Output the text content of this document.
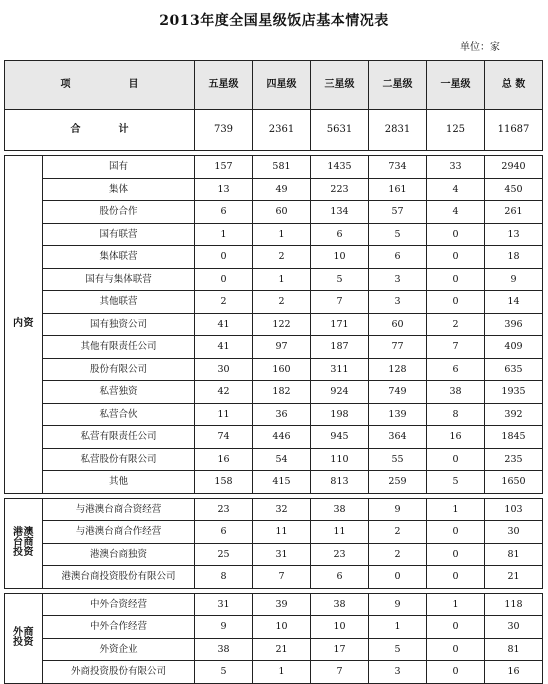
2013年度全国星级饭店基本情况表
单位：家
项　目		五星级	四星级	三星级	二星级	一星级	总 数
合　计		739	2361	5631	2831	125	11687

内资	国有	157	581	1435	734	33	2940
	集体	13	49	223	161	4	450
	股份合作	6	60	134	57	4	261
	国有联营	1	1	6	5	0	13
	集体联营	0	2	10	6	0	18
	国有与集体联营	0	1	5	3	0	9
	其他联营	2	2	7	3	0	14
	国有独资公司	41	122	171	60	2	396
	其他有限责任公司	41	97	187	77	7	409
	股份有限公司	30	160	311	128	6	635
	私营独资	42	182	924	749	38	1935
	私营合伙	11	36	198	139	8	392
	私营有限责任公司	74	446	945	364	16	1845
	私营股份有限公司	16	54	110	55	0	235
	其他	158	415	813	259	5	1650

港澳
台商
投资	与港澳台商合资经营	23	32	38	9	1	103
	与港澳台商合作经营	6	11	11	2	0	30
	港澳台商独资	25	31	23	2	0	81
	港澳台商投资股份有限公司	8	7	6	0	0	21

外商
投资	中外合资经营	31	39	38	9	1	118
	中外合作经营	9	10	10	1	0	30
	外资企业	38	21	17	5	0	81
	外商投资股份有限公司	5	1	7	3	0	16
